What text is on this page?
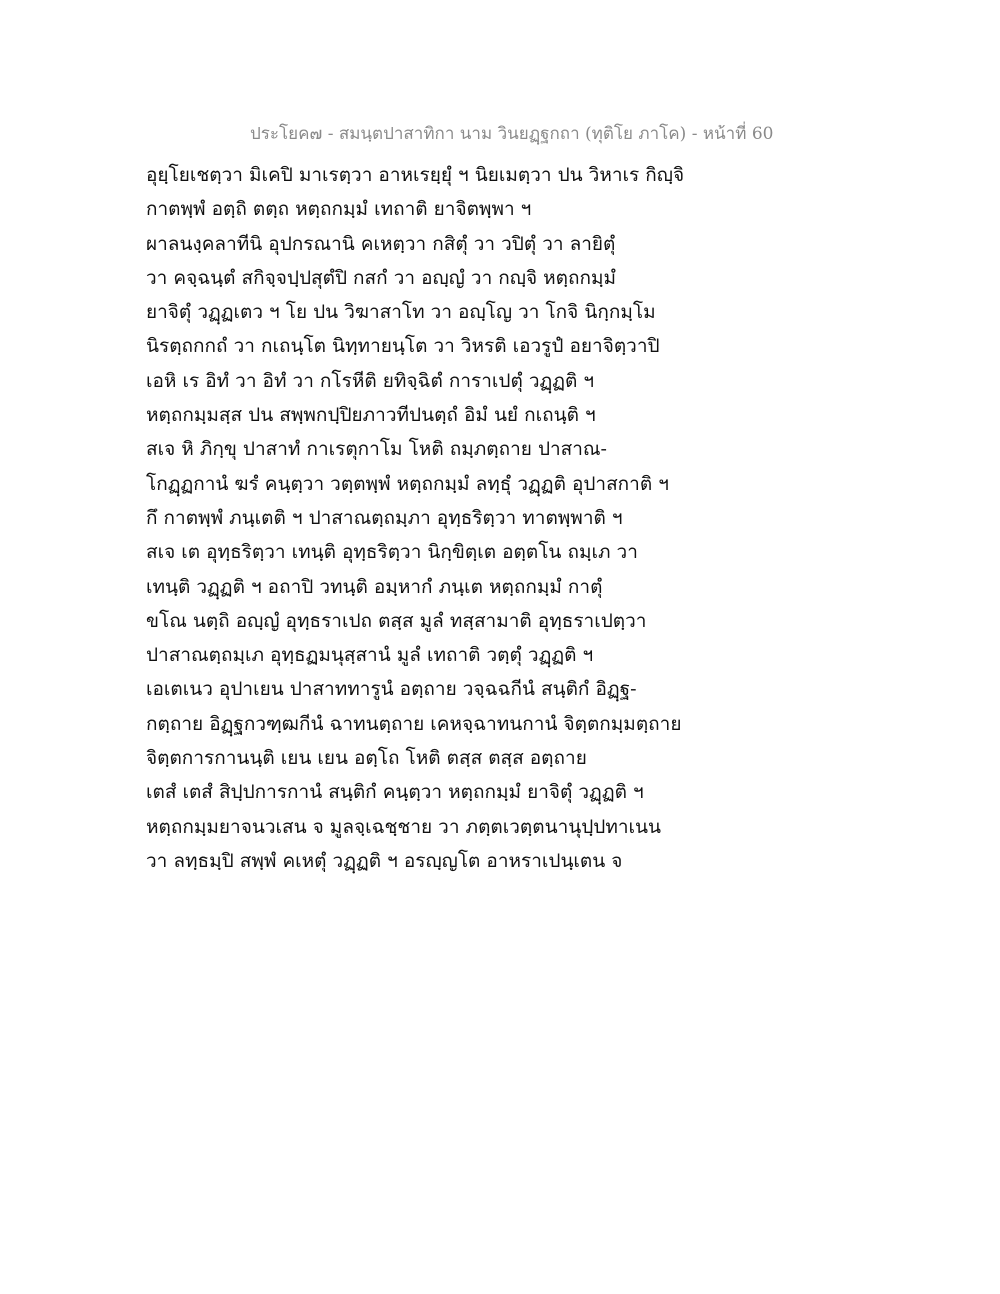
ประโยค๗ - สมนฺตปาสาทิกา นาม วินยฏฺฐกถา (ทุติโย ภาโค) - หน้าที่ 60
อุยฺโยเชตฺวา มิเคปิ มาเรตฺวา อาหเรยฺยุํ ฯ นิยเมตฺวา ปน วิหาเร กิญฺจิ
กาตพฺพํ อตฺถิ ตตฺถ หตฺถกมฺมํ เทถาติ ยาจิตพฺพา ฯ
ผาลนงฺคลาทีนิ อุปกรณานิ คเหตฺวา กสิตุํ วา วปิตุํ วา ลายิตุํ
วา คจฺฉนฺตํ สกิจฺจปฺปสุตํปิ กสกํ วา อญฺญํ วา กญฺจิ หตฺถกมฺมํ
ยาจิตุํ วฏฺฏเตว ฯ โย ปน วิฆาสาโท วา อญฺโญ วา โกจิ นิกฺกมฺโม
นิรตฺถกกถํ วา กเถนฺโต นิทฺทายนฺโต วา วิหรติ เอวรูปํ อยาจิตฺวาปิ
เอหิ เร อิทํ วา อิทํ วา กโรหีติ ยทิจฺฉิตํ การาเปตุํ วฏฺฏติ ฯ
หตฺถกมฺมสฺส ปน สพฺพกปฺปิยภาวทีปนตฺถํ อิมํ นยํ กเถนฺติ ฯ
สเจ หิ ภิกฺขุ ปาสาทํ กาเรตุกาโม โหติ ถมฺภตฺถาย ปาสาณ-
โกฏฺฏกานํ ฆรํ คนฺตฺวา วตฺตพฺพํ หตฺถกมฺมํ ลทฺธุํ วฏฺฏติ อุปาสกาติ ฯ
กึ กาตพฺพํ ภนฺเตติ ฯ ปาสาณตฺถมฺภา อุทฺธริตฺวา ทาตพฺพาติ ฯ
สเจ เต อุทฺธริตฺวา เทนฺติ อุทฺธริตฺวา นิกฺขิตฺเต อตฺตโน ถมฺเภ วา
เทนฺติ วฏฺฏติ ฯ อถาปิ วทนฺติ อมฺหากํ ภนฺเต หตฺถกมฺมํ กาตุํ
ขโณ นตฺถิ อญฺญํ อุทฺธราเปถ ตสฺส มูลํ ทสฺสามาติ อุทฺธราเปตฺวา
ปาสาณตฺถมฺเภ อุทฺธฏมนุสฺสานํ มูลํ เทถาติ วตฺตุํ วฏฺฏติ ฯ
เอเตเนว อุปาเยน ปาสาททารูนํ อตฺถาย วจฺฉฉกีนํ สนฺติกํ อิฏฺฐ-
กตฺถาย อิฏฺฐกวฑฺฒกีนํ ฉาทนตฺถาย เคหจฺฉาทนกานํ จิตฺตกมฺมตฺถาย
จิตฺตการกานนฺติ เยน เยน อตฺโถ โหติ ตสฺส ตสฺส อตฺถาย
เตสํ เตสํ สิปฺปการกานํ สนฺติกํ คนฺตฺวา หตฺถกมฺมํ ยาจิตุํ วฏฺฏติ ฯ
หตฺถกมฺมยาจนวเสน จ มูลจฺเฉชฺชาย วา ภตฺตเวตฺตนานุปฺปทาเนน
วา ลทฺธมฺปิ สพฺพํ คเหตุํ วฏฺฏติ ฯ อรญฺญโต อาหราเปนฺเตน จ
